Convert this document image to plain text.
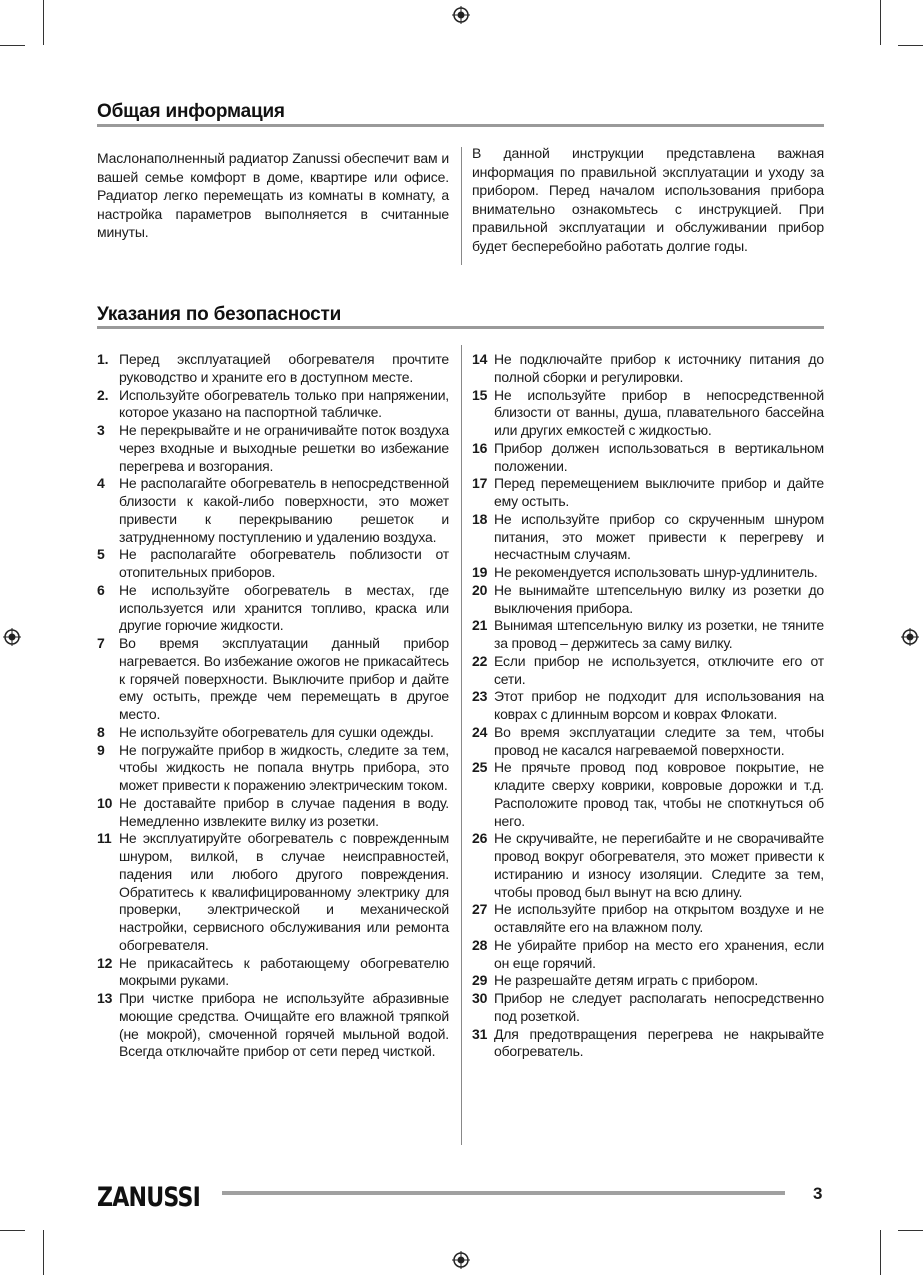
Общая информация
Маслонаполненный радиатор Zanussi обеспечит вам и вашей семье комфорт в доме, квартире или офисе. Радиатор легко перемещать из комнаты в комнату, а настройка параметров выполняется в считанные минуты.
В данной инструкции представлена важная информация по правильной эксплуатации и уходу за прибором. Перед началом использования прибора внимательно ознакомьтесь с инструкцией. При правильной эксплуатации и обслуживании прибор будет бесперебойно работать долгие годы.
Указания по безопасности
1. Перед эксплуатацией обогревателя прочтите руководство и храните его в доступном месте.
2. Используйте обогреватель только при напряжении, которое указано на паспортной табличке.
3	Не перекрывайте и не ограничивайте поток воздуха через входные и выходные решетки во избежание перегрева и возгорания.
4	Не располагайте обогреватель в непосредственной близости к какой-либо поверхности, это может привести к перекрыванию решеток и затрудненному поступлению и удалению воздуха.
5	Не располагайте обогреватель поблизости от отопительных приборов.
6	Не используйте обогреватель в местах, где используется или хранится топливо, краска или другие горючие жидкости.
7	Во время эксплуатации данный прибор нагревается. Во избежание ожогов не прикасайтесь к горячей поверхности. Выключите прибор и дайте ему остыть, прежде чем перемещать в другое место.
8	Не используйте обогреватель для сушки одежды.
9	Не погружайте прибор в жидкость, следите за тем, чтобы жидкость не попала внутрь прибора, это может привести к поражению электрическим током.
10 Не доставайте прибор в случае падения в воду. Немедленно извлеките вилку из розетки.
11 Не эксплуатируйте обогреватель с поврежденным шнуром, вилкой, в случае неисправностей, падения или любого другого повреждения. Обратитесь к квалифицированному электрику для проверки, электрической и механической настройки, сервисного обслуживания или ремонта обогревателя.
12 Не прикасайтесь к работающему обогревателю мокрыми руками.
13 При чистке прибора не используйте абразивные моющие средства. Очищайте его влажной тряпкой (не мокрой), смоченной горячей мыльной водой. Всегда отключайте прибор от сети перед чисткой.
14 Не подключайте прибор к источнику питания до полной сборки и регулировки.
15 Не используйте прибор в непосредственной близости от ванны, душа, плавательного бассейна или других емкостей с жидкостью.
16 Прибор должен использоваться в вертикальном положении.
17 Перед перемещением выключите прибор и дайте ему остыть.
18 Не используйте прибор со скрученным шнуром питания, это может привести к перегреву и несчастным случаям.
19 Не рекомендуется использовать шнур-удлинитель.
20 Не вынимайте штепсельную вилку из розетки до выключения прибора.
21 Вынимая штепсельную вилку из розетки, не тяните за провод – держитесь за саму вилку.
22 Если прибор не используется, отключите его от сети.
23 Этот прибор не подходит для использования на коврах с длинным ворсом и коврах Флокати.
24 Во время эксплуатации следите за тем, чтобы провод не касался нагреваемой поверхности.
25 Не прячьте провод под ковровое покрытие, не кладите сверху коврики, ковровые дорожки и т.д. Расположите провод так, чтобы не споткнуться об него.
26 Не скручивайте, не перегибайте и не сворачивайте провод вокруг обогревателя, это может привести к истиранию и износу изоляции. Следите за тем, чтобы провод был вынут на всю длину.
27 Не используйте прибор на открытом воздухе и не оставляйте его на влажном полу.
28 Не убирайте прибор на место его хранения, если он еще горячий.
29 Не разрешайте детям играть с прибором.
30 Прибор не следует располагать непосредственно под розеткой.
31 Для предотвращения перегрева не накрывайте обогреватель.
ZANUSSI	3
